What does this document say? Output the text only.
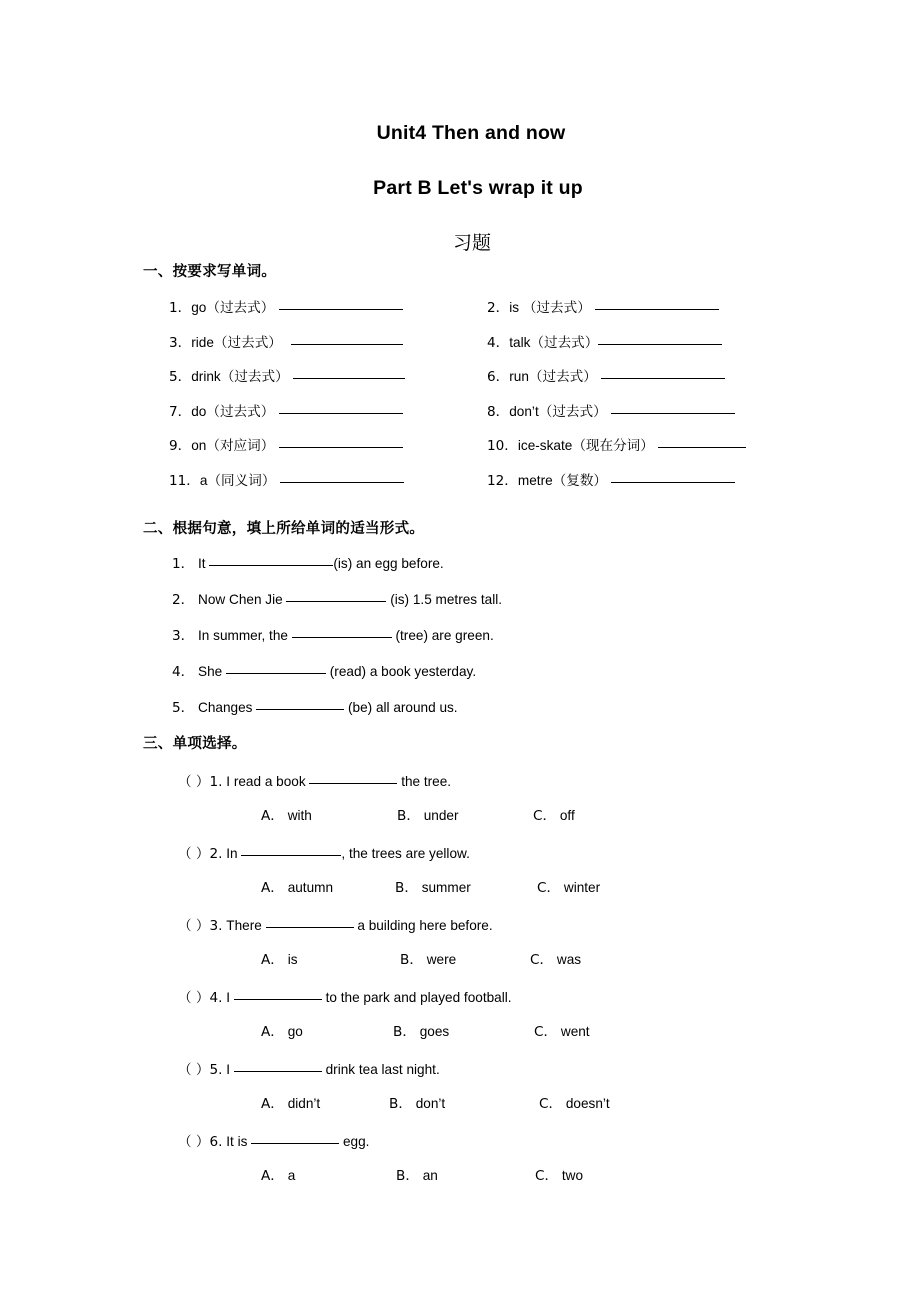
Unit4 Then and now
Part B Let's wrap it up
习题
一、按要求写单词。
1．go（过去式）	2．is （过去式）
3．ride（过去式）	4．talk（过去式）
5．drink（过去式）	6．run（过去式）
7．do（过去式）	8．don’t（过去式）
9．on（对应词）	10．ice-skate（现在分词）
11．a（同义词）	12．metre（复数）
二、根据句意，填上所给单词的适当形式。
1． It	(is) an egg before.
2． Now Chen Jie	(is) 1.5 metres tall.
3． In summer, the	(tree) are green.
4． She	(read) a book yesterday.
5． Changes	(be) all around us.
三、单项选择。
（ ）1. I read a book	the tree.
A． with	B． under	C． off
（ ）2. In	, the trees are yellow.
A． autumn	B． summer	C． winter
（ ）3. There	a building here before.
A． is	B． were	C． was
（ ）4. I	to the park and played football.
A． go	B． goes	C． went
（ ）5. I	drink tea last night.
A． didn’t	B． don’t	C． doesn’t
（ ）6. It is	egg.
A． a	B． an	C． two
